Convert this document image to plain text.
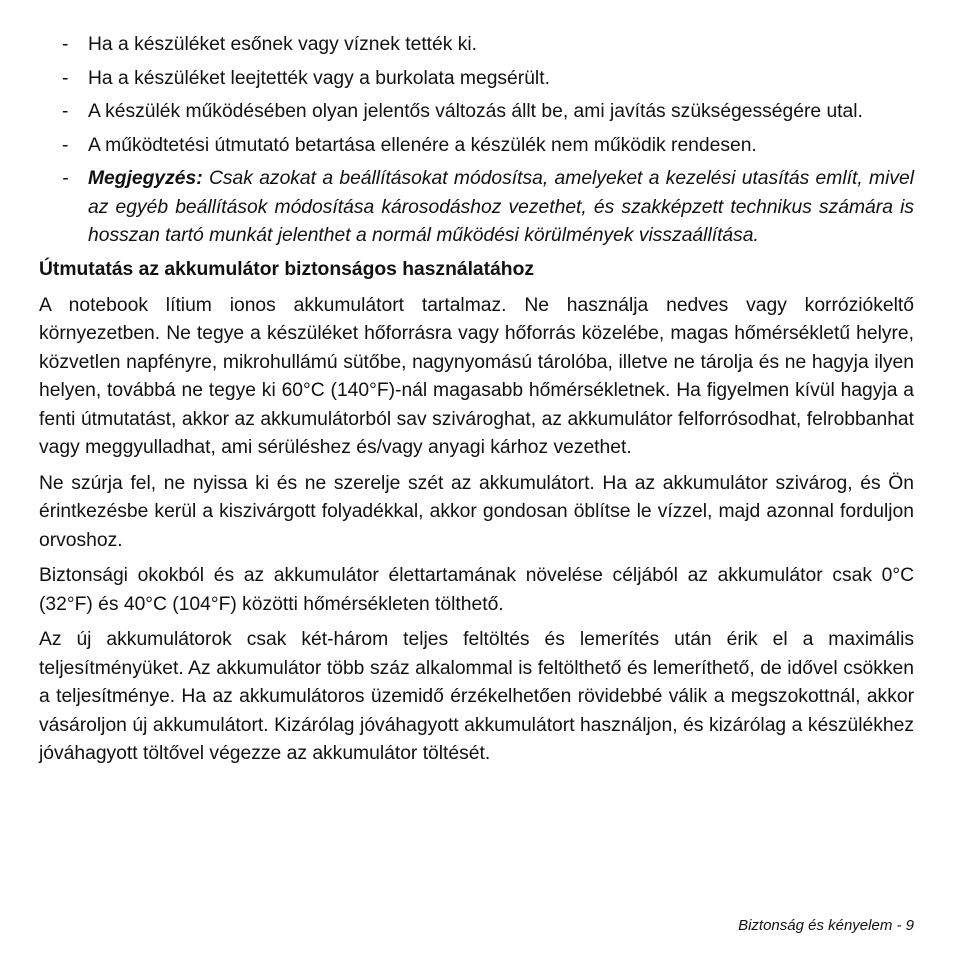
- Ha a készüléket esőnek vagy víznek tették ki.
- Ha a készüléket leejtették vagy a burkolata megsérült.
- A készülék működésében olyan jelentős változás állt be, ami javítás szükségességére utal.
- A működtetési útmutató betartása ellenére a készülék nem működik rendesen.
- Megjegyzés: Csak azokat a beállításokat módosítsa, amelyeket a kezelési utasítás említ, mivel az egyéb beállítások módosítása károsodáshoz vezethet, és szakképzett technikus számára is hosszan tartó munkát jelenthet a normál működési körülmények visszaállítása.
Útmutatás az akkumulátor biztonságos használatához

A notebook lítium ionos akkumulátort tartalmaz. Ne használja nedves vagy korróziókeltő környezetben. Ne tegye a készüléket hőforrásra vagy hőforrás közelébe, magas hőmérsékletű helyre, közvetlen napfényre, mikrohullámú sütőbe, nagynyomású tárolóba, illetve ne tárolja és ne hagyja ilyen helyen, továbbá ne tegye ki 60°C (140°F)-nál magasabb hőmérsékletnek. Ha figyelmen kívül hagyja a fenti útmutatást, akkor az akkumulátorból sav szivároghat, az akkumulátor felforrósodhat, felrobbanhat vagy meggyulladhat, ami sérüléshez és/vagy anyagi kárhoz vezethet.

Ne szúrja fel, ne nyissa ki és ne szerelje szét az akkumulátort. Ha az akkumulátor szivárog, és Ön érintkezésbe kerül a kiszivárgott folyadékkal, akkor gondosan öblítse le vízzel, majd azonnal forduljon orvoshoz.

Biztonsági okokból és az akkumulátor élettartamának növelése céljából az akkumulátor csak 0°C (32°F) és 40°C (104°F) közötti hőmérsékleten tölthető.

Az új akkumulátorok csak két-három teljes feltöltés és lemerítés után érik el a maximális teljesítményüket. Az akkumulátor több száz alkalommal is feltölthető és lemeríthető, de idővel csökken a teljesítménye. Ha az akkumulátoros üzemidő érzékelhetően rövidebbé válik a megszokottnál, akkor vásároljon új akkumulátort. Kizárólag jóváhagyott akkumulátort használjon, és kizárólag a készülékhez jóváhagyott töltővel végezze az akkumulátor töltését.

Biztonság és kényelem - 9
